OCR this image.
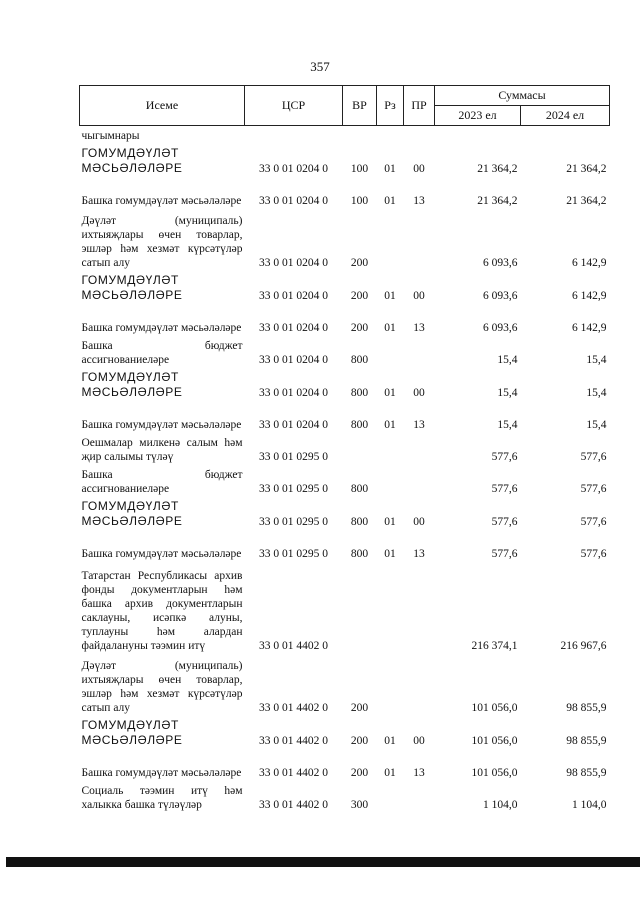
357
Исеме	ЦСР	ВР	Рз	ПР	Суммасы	
					2023 ел	2024 ел
чыгымнары						
ГОМУМДӘҮЛӘТ МӘСЬӘЛӘЛӘРЕ	33 0 01 0204 0	100	01	00	21 364,2	21 364,2
Башка гомумдәүләт мәсьәләләре	33 0 01 0204 0	100	01	13	21 364,2	21 364,2
Дәүләт (муниципаль) ихтыяҗлары өчен товарлар, эшләр һәм хезмәт күрсәтүләр сатып алу	33 0 01 0204 0	200			6 093,6	6 142,9
ГОМУМДӘҮЛӘТ МӘСЬӘЛӘЛӘРЕ	33 0 01 0204 0	200	01	00	6 093,6	6 142,9
Башка гомумдәүләт мәсьәләләре	33 0 01 0204 0	200	01	13	6 093,6	6 142,9
Башка бюджет ассигнованиеләре	33 0 01 0204 0	800			15,4	15,4
ГОМУМДӘҮЛӘТ МӘСЬӘЛӘЛӘРЕ	33 0 01 0204 0	800	01	00	15,4	15,4
Башка гомумдәүләт мәсьәләләре	33 0 01 0204 0	800	01	13	15,4	15,4
Оешмалар милкенә салым һәм җир салымы түләү	33 0 01 0295 0				577,6	577,6
Башка бюджет ассигнованиеләре	33 0 01 0295 0	800			577,6	577,6
ГОМУМДӘҮЛӘТ МӘСЬӘЛӘЛӘРЕ	33 0 01 0295 0	800	01	00	577,6	577,6
Башка гомумдәүләт мәсьәләләре	33 0 01 0295 0	800	01	13	577,6	577,6
Татарстан Республикасы архив фонды документларын һәм башка архив документларын саклауны, исәпкә алуны, туплауны һәм алардан файдалануны тәэмин итү	33 0 01 4402 0				216 374,1	216 967,6
Дәүләт (муниципаль) ихтыяҗлары өчен товарлар, эшләр һәм хезмәт күрсәтүләр сатып алу	33 0 01 4402 0	200			101 056,0	98 855,9
ГОМУМДӘҮЛӘТ МӘСЬӘЛӘЛӘРЕ	33 0 01 4402 0	200	01	00	101 056,0	98 855,9
Башка гомумдәүләт мәсьәләләре	33 0 01 4402 0	200	01	13	101 056,0	98 855,9
Социаль тәэмин итү һәм халыкка башка түләүләр	33 0 01 4402 0	300			1 104,0	1 104,0
